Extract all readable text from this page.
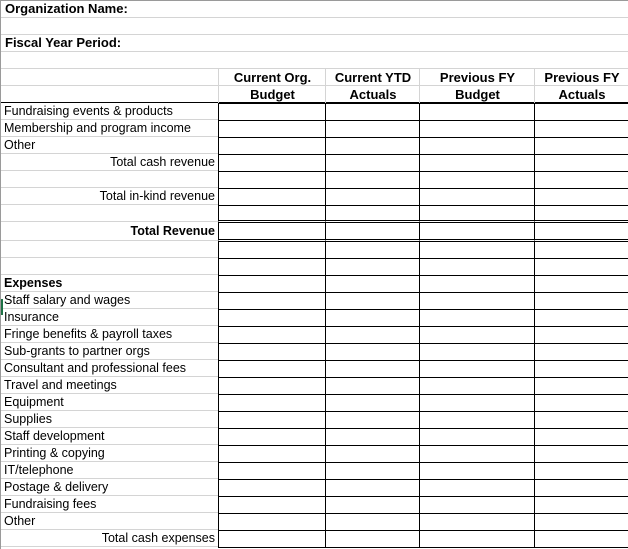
Organization Name:
Fiscal Year Period:
Current Org.
Budget
Current YTD
Actuals
Previous FY
Budget
Previous FY
Actuals
Fundraising events & products
Membership and program income
Other
Total cash revenue
Total in-kind revenue
Total Revenue
Expenses
Staff salary and wages
Insurance
Fringe benefits & payroll taxes
Sub-grants to partner orgs
Consultant and professional fees
Travel and meetings
Equipment
Supplies
Staff development
Printing & copying
IT/telephone
Postage & delivery
Fundraising fees
Other
Total cash expenses
